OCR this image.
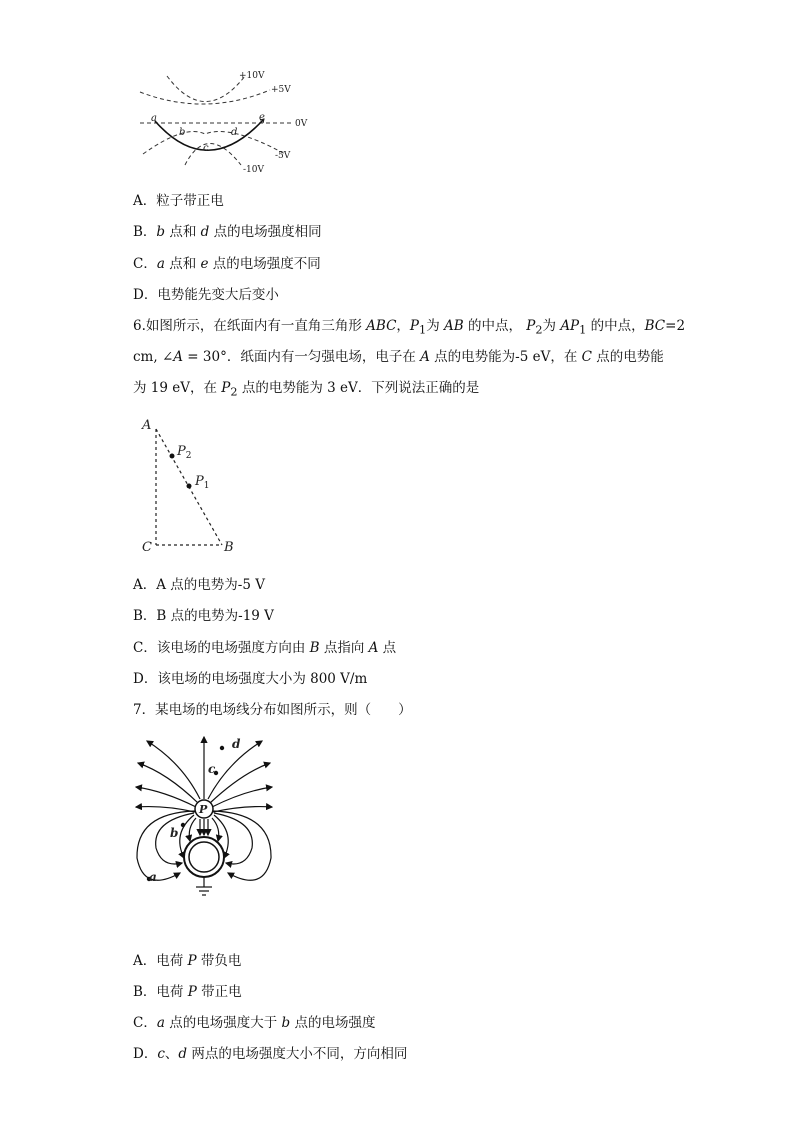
+10V
+5V
0V
-5V
-10V
a
b
c
d
e
A．粒子带正电
B．b 点和 d 点的电场强度相同
C．a 点和 e 点的电场强度不同
D．电势能先变大后变小
6.如图所示，在纸面内有一直角三角形 ABC，$P_1$为 AB 的中点， $P_2$为 $AP_1$ 的中点，BC=2
cm, ∠A = 30°．纸面内有一匀强电场，电子在 A 点的电势能为-5 eV，在 C 点的电势能
为 19 eV，在 $P_2$ 点的电势能为 3 eV．下列说法正确的是
A
C	B
$P_2$
$P_1$
A．A 点的电势为-5 V
B．B 点的电势为-19 V
C．该电场的电场强度方向由 B 点指向 A 点
D．该电场的电场强度大小为 800 V/m
7．某电场的电场线分布如图所示，则（　　）
P
d
c
b
a
A．电荷 P 带负电
B．电荷 P 带正电
C．a 点的电场强度大于 b 点的电场强度
D．c、d 两点的电场强度大小不同，方向相同
